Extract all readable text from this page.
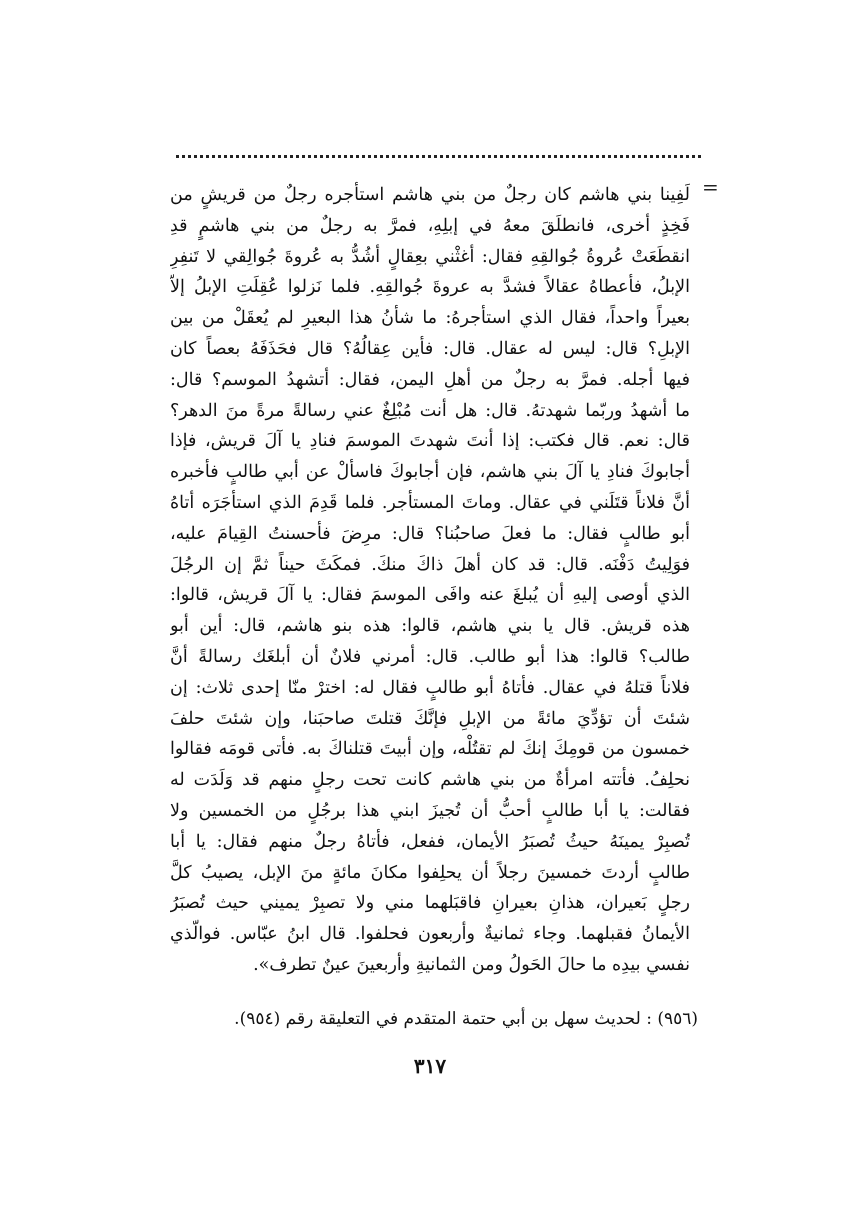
=
لَفِينا بني هاشم كان رجلٌ من بني هاشم استأجره رجلٌ من قريشٍ من
فَخِذٍ أخرى، فانطلَقَ معهُ في إبلِهِ، فمرَّ به رجلٌ من بني هاشمٍ قدِ
انقطَعَتْ عُروةُ جُوالقِهِ فقال: أغثْني بعِقالٍ أشُدُّ به عُروةَ جُوالِقي لا تَنفِرِ
الإبلُ، فأعطاهُ عقالاً فشدَّ به عروةَ جُوالقِهِ. فلما نَزلوا عُقِلَتِ الإبلُ إلاّ
بعيراً واحداً، فقال الذي استأجرهُ: ما شأنُ هذا البعيرِ لم يُعقَلْ من بين
الإبلِ؟ قال: ليس له عقال. قال: فأين عِقالُهُ؟ قال فحَذَفَهُ بعصاً كان
فيها أجله. فمرَّ به رجلٌ من أهلِ اليمن، فقال: أتشهدُ الموسم؟ قال:
ما أشهدُ وربّما شهدتهُ. قال: هل أنت مُبْلِغٌ عني رسالةً مرةً منَ الدهر؟
قال: نعم. قال فكتب: إذا أنتَ شهدتَ الموسمَ فنادِ يا آلَ قريش، فإذا
أجابوكَ فنادِ يا آلَ بني هاشم، فإن أجابوكَ فاسألْ عن أبي طالبٍ فأخبره
أنَّ فلاناً قتَلَني في عقال. وماتَ المستأجر. فلما قَدِمَ الذي استأجَرَه أتاهُ
أبو طالبٍ فقال: ما فعلَ صاحبُنا؟ قال: مرِضَ فأحسنتُ القِيامَ عليه،
فوَلِيتُ دَفْنَه. قال: قد كان أهلَ ذاكَ منكَ. فمكَثَ حيناً ثمَّ إن الرجُلَ
الذي أوصى إليهِ أن يُبلغَ عنه وافَى الموسمَ فقال: يا آلَ قريش، قالوا:
هذه قريش. قال يا بني هاشم، قالوا: هذه بنو هاشم، قال: أين أبو
طالب؟ قالوا: هذا أبو طالب. قال: أمرني فلانٌ أن أبلغَك رسالةً أنَّ
فلاناً قتلهُ في عقال. فأتاهُ أبو طالبٍ فقال له: اخترْ منّا إحدى ثلاث: إن
شئتَ أن تؤدِّيَ مائةً من الإبلِ فإنَّكَ قتلتَ صاحبَنا، وإن شئتَ حلفَ
خمسون من قومِكَ إنكَ لم تقتُلْه، وإن أبيتَ قتلناكَ به. فأتى قومَه فقالوا
نحلِفُ. فأتته امرأةٌ من بني هاشم كانت تحت رجلٍ منهم قد وَلَدَت له
فقالت: يا أبا طالبٍ أحبُّ أن تُجيزَ ابني هذا برجُلٍ من الخمسين ولا
تُصبِرْ يمينَهُ حيثُ تُصبَرُ الأيمان، ففعل، فأتاهُ رجلٌ منهم فقال: يا أبا
طالبٍ أردتَ خمسينَ رجلاً أن يحلِفوا مكانَ مائةٍ منَ الإبل، يصيبُ كلَّ
رجلٍ بَعيران، هذانِ بعيرانِ فاقبَلهما مني ولا تصبِرْ يميني حيث تُصبَرُ
الأيمانُ فقبلهما. وجاء ثمانيةٌ وأربعون فحلفوا. قال ابنُ عبّاس. فوالّذي
نفسي بيدِه ما حالَ الحَولُ ومن الثمانيةِ وأربعينَ عينٌ تطرف».
(٩٥٦) : لحديث سهل بن أبي حتمة المتقدم في التعليقة رقم (٩٥٤).
٣١٧
